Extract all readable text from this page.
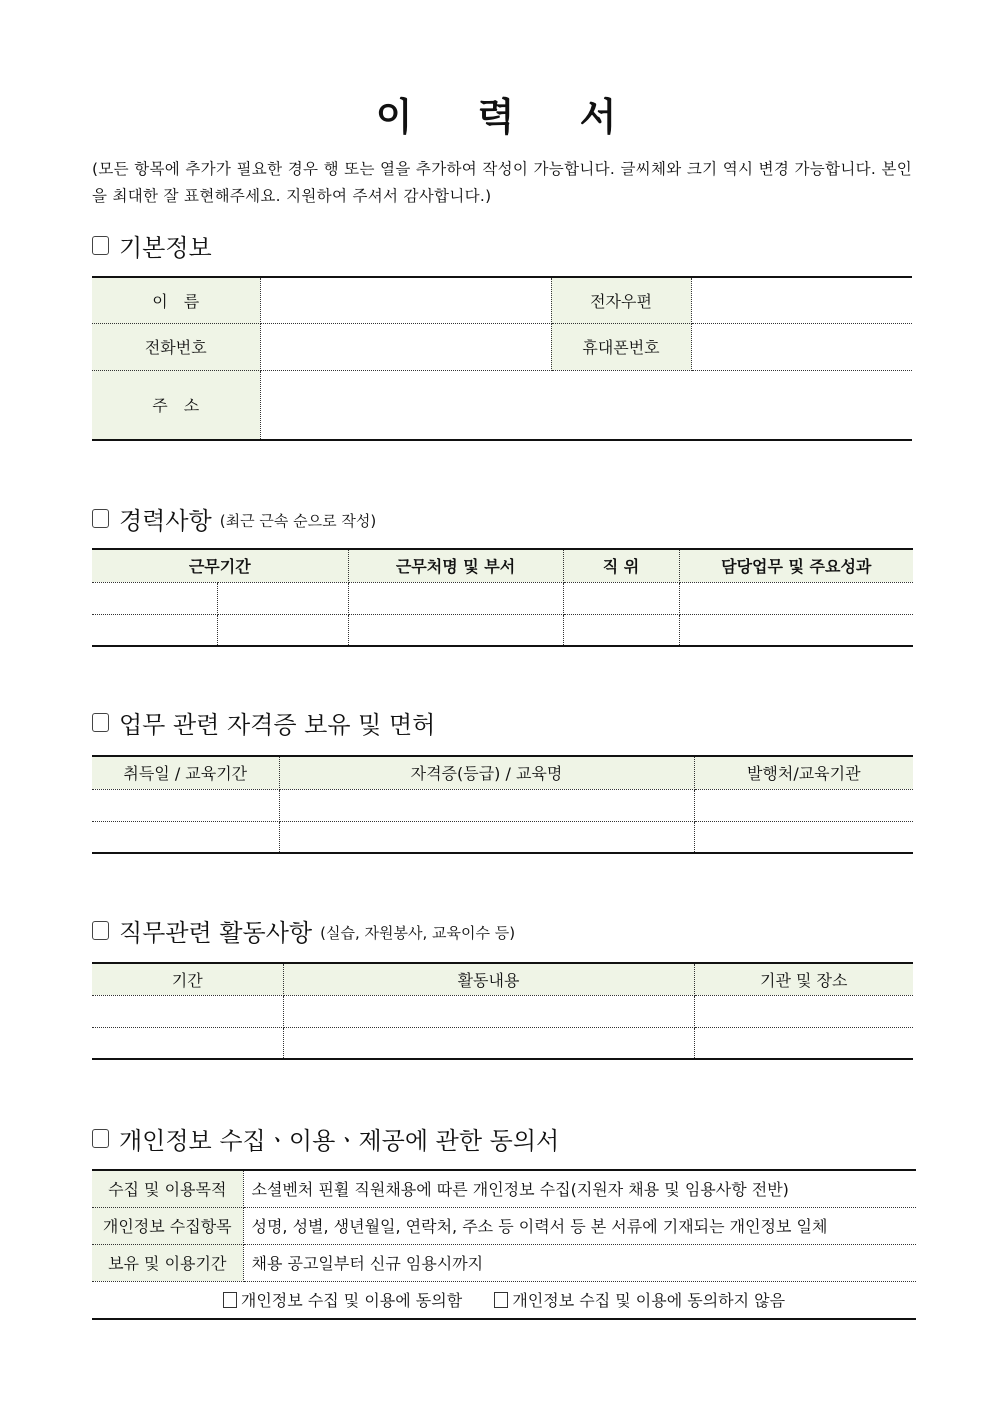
이 력 서
(모든 항목에 추가가 필요한 경우 행 또는 열을 추가하여 작성이 가능합니다. 글씨체와 크기 역시 변경 가능합니다. 본인을 최대한 잘 표현해주세요. 지원하여 주셔서 감사합니다.)
기본정보
이　름		전자우편	
전화번호		휴대폰번호	
주　소			
경력사항 (최근 근속 순으로 작성)
근무기간		근무처명 및 부서	직 위	담당업무 및 주요성과

업무 관련 자격증 보유 및 면허
취득일 / 교육기간	자격증(등급) / 교육명	발행처/교육기관

직무관련 활동사항 (실습, 자원봉사, 교육이수 등)
기간	활동내용	기관 및 장소

개인정보 수집ㆍ이용ㆍ제공에 관한 동의서
수집 및 이용목적	소셜벤처 핀휠 직원채용에 따른 개인정보 수집(지원자 채용 및 임용사항 전반)
개인정보 수집항목	성명, 성별, 생년월일, 연락처, 주소 등 이력서 등 본 서류에 기재되는 개인정보 일체
보유 및 이용기간	채용 공고일부터 신규 임용시까지
개인정보 수집 및 이용에 동의함 개인정보 수집 및 이용에 동의하지 않음	
